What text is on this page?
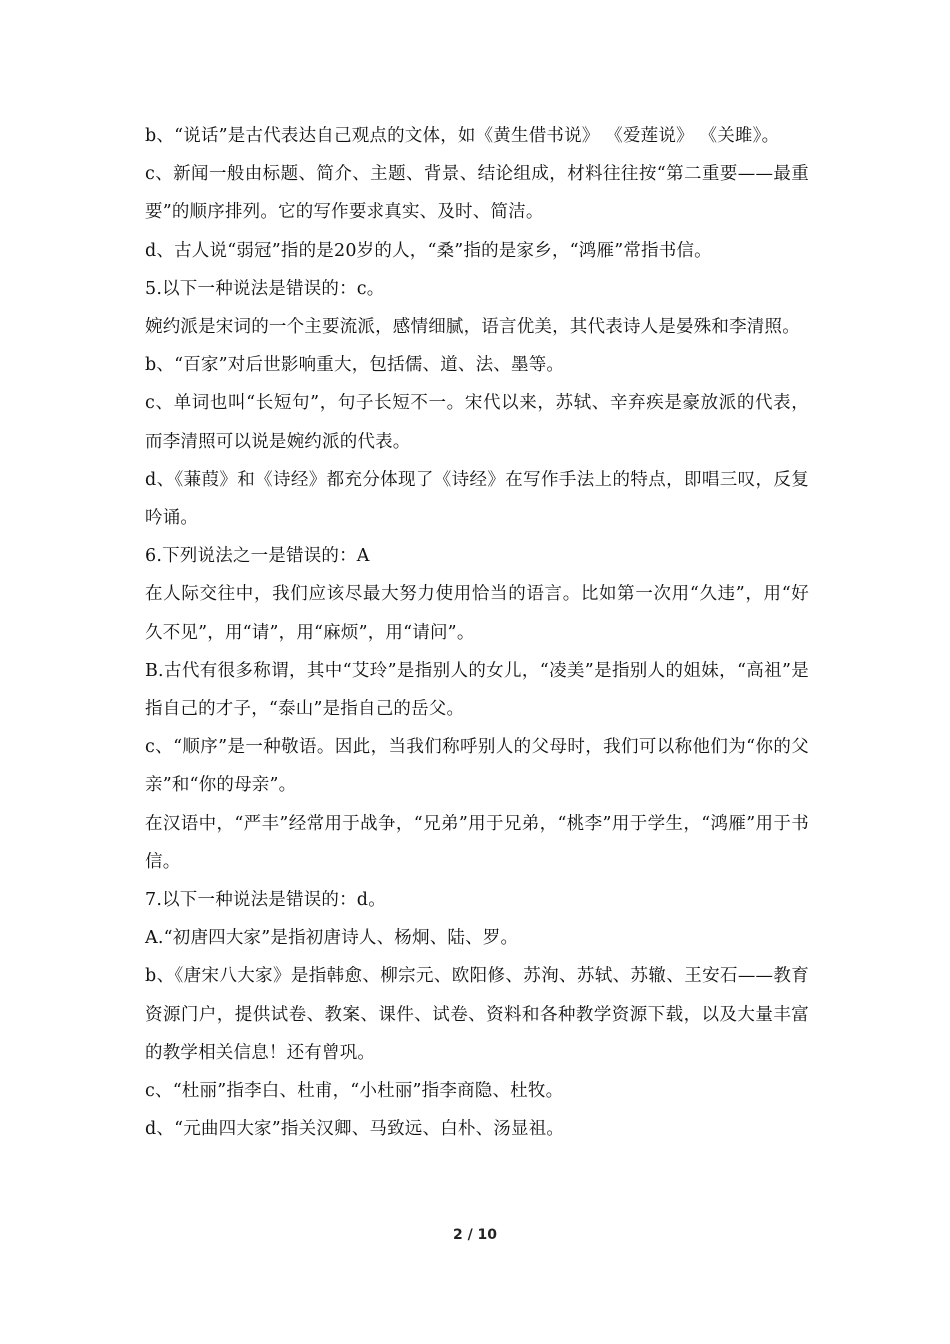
b、“说话”是古代表达自己观点的文体，如《黄生借书说》 《爱莲说》 《关雎》。

c、新闻一般由标题、简介、主题、背景、结论组成，材料往往按“第二重要——最重要”的顺序排列。它的写作要求真实、及时、简洁。

d、古人说“弱冠”指的是20岁的人，“桑”指的是家乡，“鸿雁”常指书信。

5.以下一种说法是错误的：c。

婉约派是宋词的一个主要流派，感情细腻，语言优美，其代表诗人是晏殊和李清照。

b、“百家”对后世影响重大，包括儒、道、法、墨等。

c、单词也叫“长短句”，句子长短不一。宋代以来，苏轼、辛弃疾是豪放派的代表，而李清照可以说是婉约派的代表。

d、《蒹葭》和《诗经》都充分体现了《诗经》在写作手法上的特点，即唱三叹，反复吟诵。

6.下列说法之一是错误的：A

在人际交往中，我们应该尽最大努力使用恰当的语言。比如第一次用“久违”，用“好久不见”，用“请”，用“麻烦”，用“请问”。

B.古代有很多称谓，其中“艾玲”是指别人的女儿，“凌美”是指别人的姐妹，“高祖”是指自己的才子，“泰山”是指自己的岳父。

c、“顺序”是一种敬语。因此，当我们称呼别人的父母时，我们可以称他们为“你的父亲”和“你的母亲”。

在汉语中，“严丰”经常用于战争，“兄弟”用于兄弟，“桃李”用于学生，“鸿雁”用于书信。

7.以下一种说法是错误的：d。

A.“初唐四大家”是指初唐诗人、杨炯、陆、罗。

b、《唐宋八大家》是指韩愈、柳宗元、欧阳修、苏洵、苏轼、苏辙、王安石——教育资源门户，提供试卷、教案、课件、试卷、资料和各种教学资源下载，以及大量丰富的教学相关信息！还有曾巩。

c、“杜丽”指李白、杜甫，“小杜丽”指李商隐、杜牧。

d、“元曲四大家”指关汉卿、马致远、白朴、汤显祖。

2 / 10
